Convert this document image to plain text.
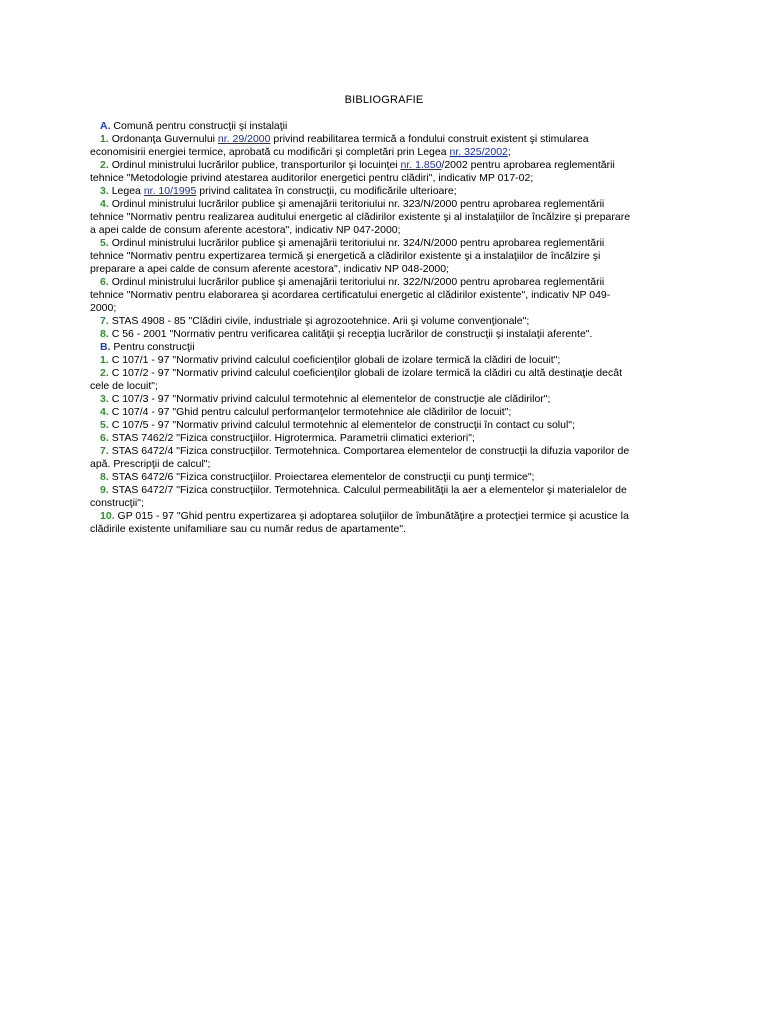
BIBLIOGRAFIE
A. Comună pentru construcţii şi instalaţii
1. Ordonanţa Guvernului nr. 29/2000 privind reabilitarea termică a fondului construit existent şi stimularea
economisirii energiei termice, aprobată cu modificări şi completări prin Legea nr. 325/2002;
2. Ordinul ministrului lucrărilor publice, transporturilor şi locuinţei nr. 1.850/2002 pentru aprobarea reglementării
tehnice "Metodologie privind atestarea auditorilor energetici pentru clădiri", indicativ MP 017-02;
3. Legea nr. 10/1995 privind calitatea în construcţii, cu modificările ulterioare;
4. Ordinul ministrului lucrărilor publice şi amenajării teritoriului nr. 323/N/2000 pentru aprobarea reglementării
tehnice "Normativ pentru realizarea auditului energetic al clădirilor existente şi al instalaţiilor de încălzire şi preparare
a apei calde de consum aferente acestora", indicativ NP 047-2000;
5. Ordinul ministrului lucrărilor publice şi amenajării teritoriului nr. 324/N/2000 pentru aprobarea reglementării
tehnice "Normativ pentru expertizarea termică şi energetică a clădirilor existente şi a instalaţiilor de încălzire şi
preparare a apei calde de consum aferente acestora", indicativ NP 048-2000;
6. Ordinul ministrului lucrărilor publice şi amenajării teritoriului nr. 322/N/2000 pentru aprobarea reglementării
tehnice "Normativ pentru elaborarea şi acordarea certificatului energetic al clădirilor existente", indicativ NP 049-
2000;
7. STAS 4908 - 85 "Clădiri civile, industriale şi agrozootehnice. Arii şi volume convenţionale";
8. C 56 - 2001 "Normativ pentru verificarea calităţii şi recepţia lucrărilor de construcţii şi instalaţii aferente".
B. Pentru construcţii
1. C 107/1 - 97 "Normativ privind calculul coeficienţilor globali de izolare termică la clădiri de locuit";
2. C 107/2 - 97 "Normativ privind calculul coeficienţilor globali de izolare termică la clădiri cu altă destinaţie decât
cele de locuit";
3. C 107/3 - 97 "Normativ privind calculul termotehnic al elementelor de construcţie ale clădirilor";
4. C 107/4 - 97 "Ghid pentru calculul performanţelor termotehnice ale clădirilor de locuit";
5. C 107/5 - 97 "Normativ privind calculul termotehnic al elementelor de construcţii în contact cu solul";
6. STAS 7462/2 "Fizica construcţiilor. Higrotermica. Parametrii climatici exteriori";
7. STAS 6472/4 "Fizica construcţiilor. Termotehnica. Comportarea elementelor de construcţii la difuzia vaporilor de
apă. Prescripţii de calcul";
8. STAS 6472/6 "Fizica construcţiilor. Proiectarea elementelor de construcţii cu punţi termice";
9. STAS 6472/7 "Fizica construcţiilor. Termotehnica. Calculul permeabilităţii la aer a elementelor şi materialelor de
construcţii";
10. GP 015 - 97 "Ghid pentru expertizarea şi adoptarea soluţiilor de îmbunătăţire a protecţiei termice şi acustice la
clădirile existente unifamiliare sau cu număr redus de apartamente".
